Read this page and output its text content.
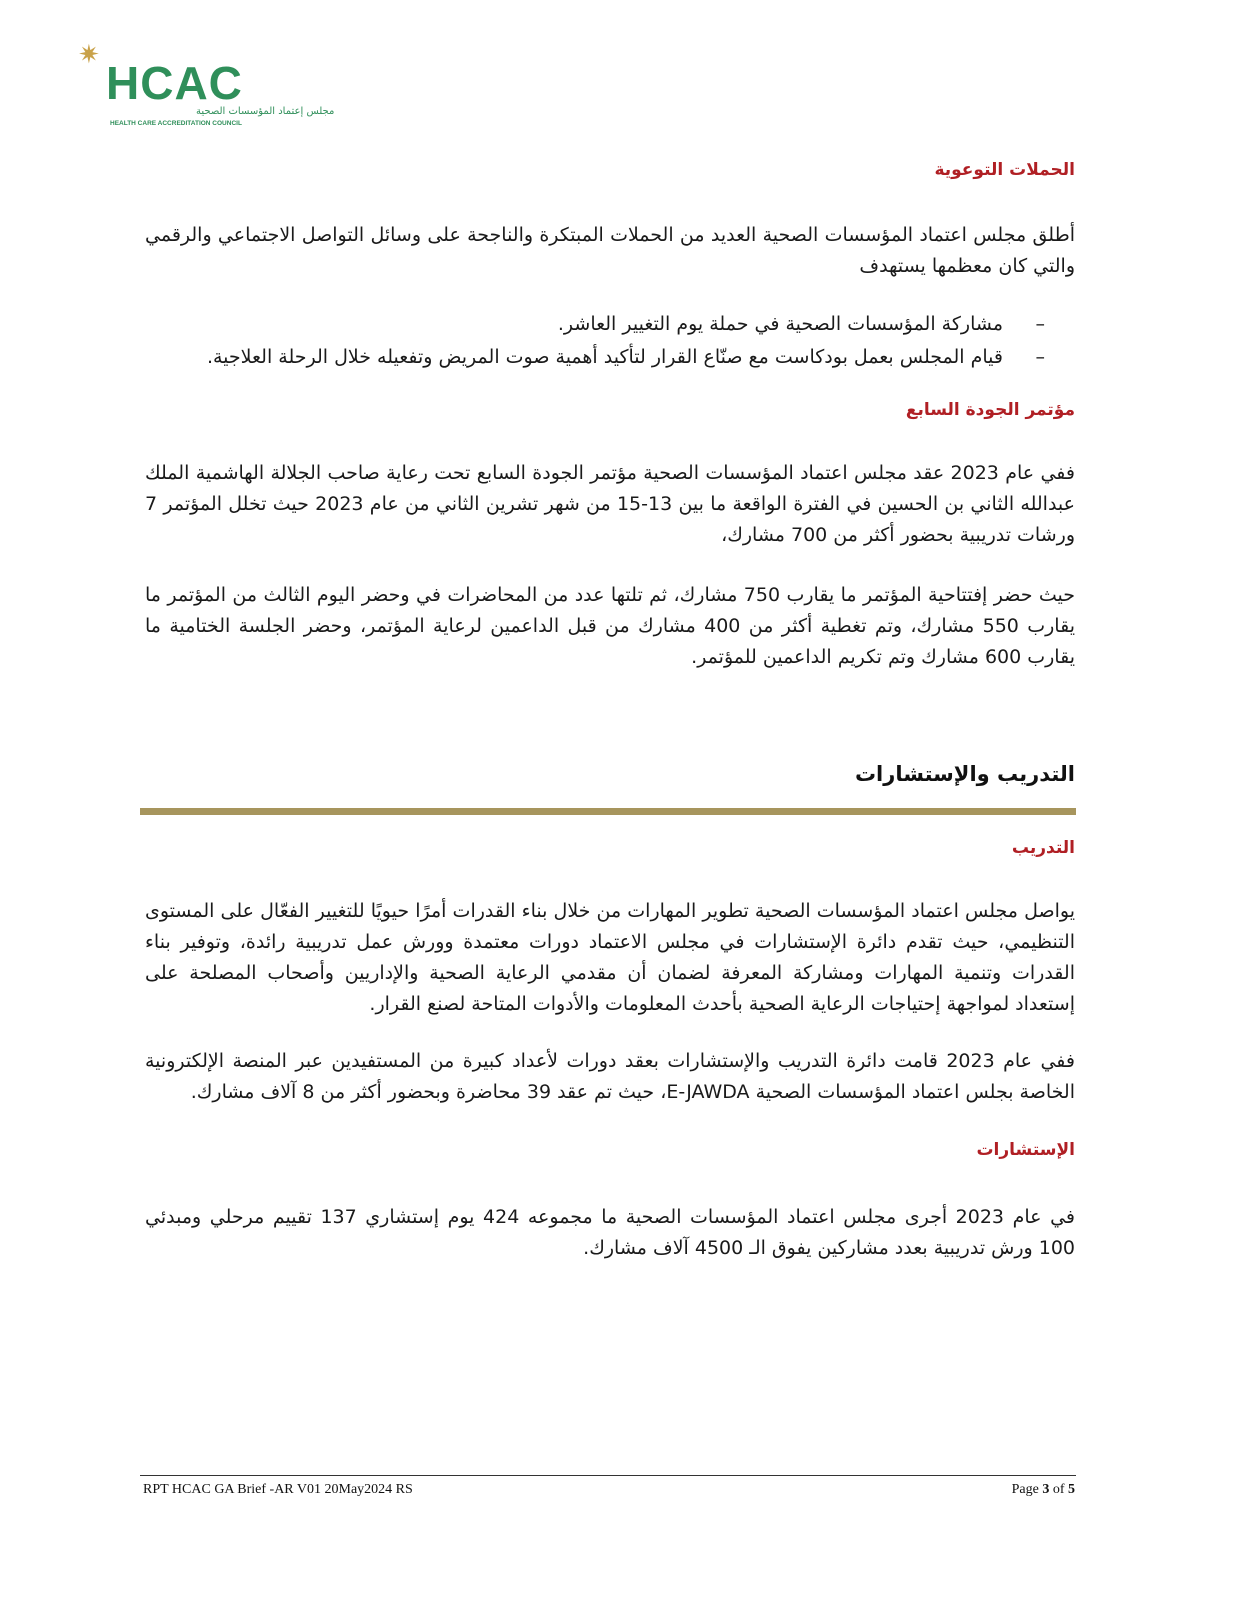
✷
HCAC
مجلس إعتماد المؤسسات الصحية
HEALTH CARE ACCREDITATION COUNCIL
الحملات التوعوية

أطلق مجلس اعتماد المؤسسات الصحية العديد من الحملات المبتكرة والناجحة على وسائل التواصل الاجتماعي والرقمي والتي كان معظمها يستهدف

–
مشاركة المؤسسات الصحية في حملة يوم التغيير العاشر.
–
قيام المجلس بعمل بودكاست مع صنّاع القرار لتأكيد أهمية صوت المريض وتفعيله خلال الرحلة العلاجية.
مؤتمر الجودة السابع

ففي عام 2023 عقد مجلس اعتماد المؤسسات الصحية مؤتمر الجودة السابع تحت رعاية صاحب الجلالة الهاشمية الملك عبدالله الثاني بن الحسين في الفترة الواقعة ما بين 13-15 من شهر تشرين الثاني من عام 2023 حيث تخلل المؤتمر 7 ورشات تدريبية بحضور أكثر من 700 مشارك،

حيث حضر إفتتاحية المؤتمر ما يقارب 750 مشارك، ثم تلتها عدد من المحاضرات في وحضر اليوم الثالث من المؤتمر ما يقارب 550 مشارك، وتم تغطية أكثر من 400 مشارك من قبل الداعمين لرعاية المؤتمر، وحضر الجلسة الختامية ما يقارب 600 مشارك وتم تكريم الداعمين للمؤتمر.

التدريب والإستشارات
التدريب

يواصل مجلس اعتماد المؤسسات الصحية تطوير المهارات من خلال بناء القدرات أمرًا حيويًا للتغيير الفعّال على المستوى التنظيمي، حيث تقدم دائرة الإستشارات في مجلس الاعتماد دورات معتمدة وورش عمل تدريبية رائدة، وتوفير بناء القدرات وتنمية المهارات ومشاركة المعرفة لضمان أن مقدمي الرعاية الصحية والإداريين وأصحاب المصلحة على إستعداد لمواجهة إحتياجات الرعاية الصحية بأحدث المعلومات والأدوات المتاحة لصنع القرار.

ففي عام 2023 قامت دائرة التدريب والإستشارات بعقد دورات لأعداد كبيرة من المستفيدين عبر المنصة الإلكترونية الخاصة بجلس اعتماد المؤسسات الصحية E-JAWDA، حيث تم عقد 39 محاضرة وبحضور أكثر من 8 آلاف مشارك.

الإستشارات

في عام 2023 أجرى مجلس اعتماد المؤسسات الصحية ما مجموعه 424 يوم إستشاري 137 تقييم مرحلي ومبدئي 100 ورش تدريبية بعدد مشاركين يفوق الـ 4500 آلاف مشارك.

RPT HCAC GA Brief -AR V01 20May2024 RS	Page 3 of 5
